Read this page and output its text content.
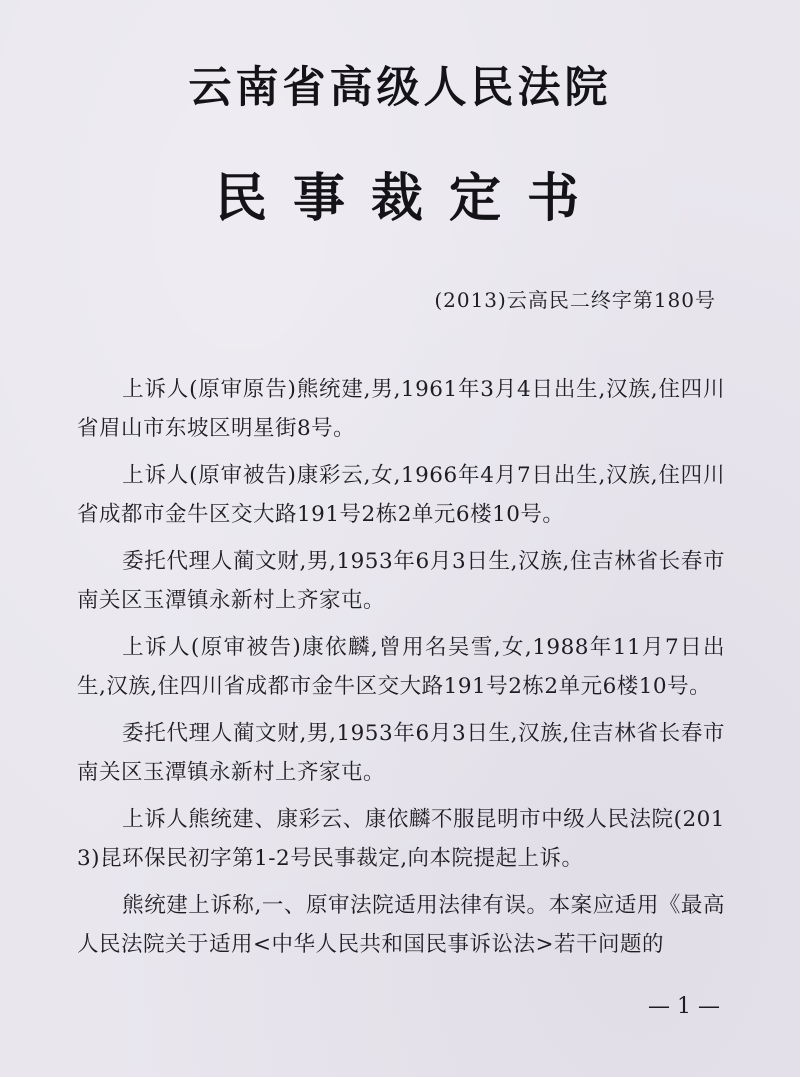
云南省高级人民法院
民事裁定书
(2013)云高民二终字第180号

上诉人(原审原告)熊统建,男,1961年3月4日出生,汉族,住四川省眉山市东坡区明星街8号。

上诉人(原审被告)康彩云,女,1966年4月7日出生,汉族,住四川省成都市金牛区交大路191号2栋2单元6楼10号。

委托代理人蔺文财,男,1953年6月3日生,汉族,住吉林省长春市南关区玉潭镇永新村上齐家屯。

上诉人(原审被告)康依麟,曾用名吴雪,女,1988年11月7日出生,汉族,住四川省成都市金牛区交大路191号2栋2单元6楼10号。

委托代理人蔺文财,男,1953年6月3日生,汉族,住吉林省长春市南关区玉潭镇永新村上齐家屯。

上诉人熊统建、康彩云、康依麟不服昆明市中级人民法院(2013)昆环保民初字第1-2号民事裁定,向本院提起上诉。

熊统建上诉称,一、原审法院适用法律有误。本案应适用《最高人民法院关于适用<中华人民共和国民事诉讼法>若干问题的

— 1 —
